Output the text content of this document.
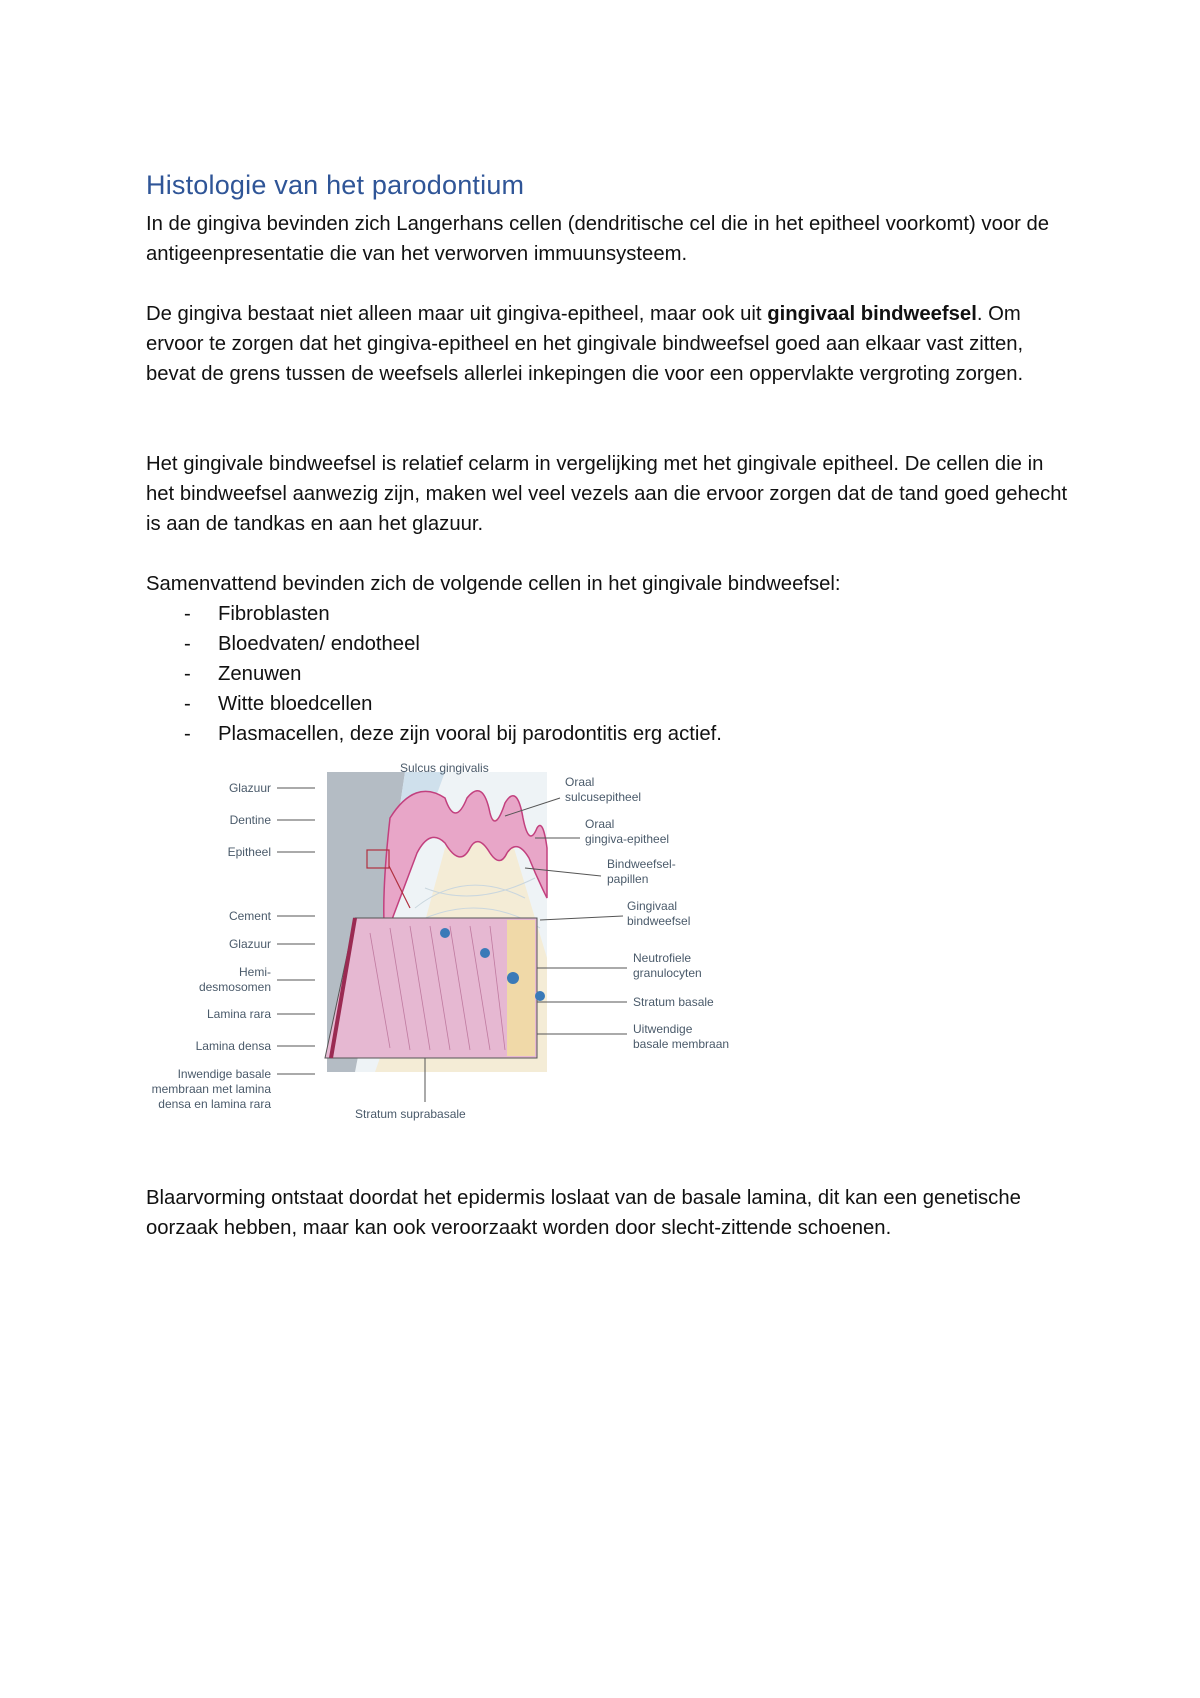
Histologie van het parodontium

In de gingiva bevinden zich Langerhans cellen (dendritische cel die in het epitheel voorkomt) voor de antigeenpresentatie die van het verworven immuunsysteem.

De gingiva bestaat niet alleen maar uit gingiva-epitheel, maar ook uit gingivaal bindweefsel. Om ervoor te zorgen dat het gingiva-epitheel en het gingivale bindweefsel goed aan elkaar vast zitten, bevat de grens tussen de weefsels allerlei inkepingen die voor een oppervlakte vergroting zorgen.

Het gingivale bindweefsel is relatief celarm in vergelijking met het gingivale epitheel. De cellen die in het bindweefsel aanwezig zijn, maken wel veel vezels aan die ervoor zorgen dat de tand goed gehecht is aan de tandkas en aan het glazuur.

Samenvattend bevinden zich de volgende cellen in het gingivale bindweefsel:

- Fibroblasten
- Bloedvaten/ endotheel
- Zenuwen
- Witte bloedcellen
- Plasmacellen, deze zijn vooral bij parodontitis erg actief.
Glazuur
Dentine
Epitheel
Cement
Glazuur
Hemi-
desmosomen
Lamina rara
Lamina densa
Inwendige basale
membraan met lamina
densa en lamina rara
Sulcus gingivalis
Oraal
sulcusepitheel
Oraal
gingiva-epitheel
Bindweefsel-
papillen
Gingivaal
bindweefsel
Neutrofiele
granulocyten
Stratum basale
Uitwendige
basale membraan
Stratum suprabasale

Blaarvorming ontstaat doordat het epidermis loslaat van de basale lamina, dit kan een genetische oorzaak hebben, maar kan ook veroorzaakt worden door slecht-zittende schoenen.
